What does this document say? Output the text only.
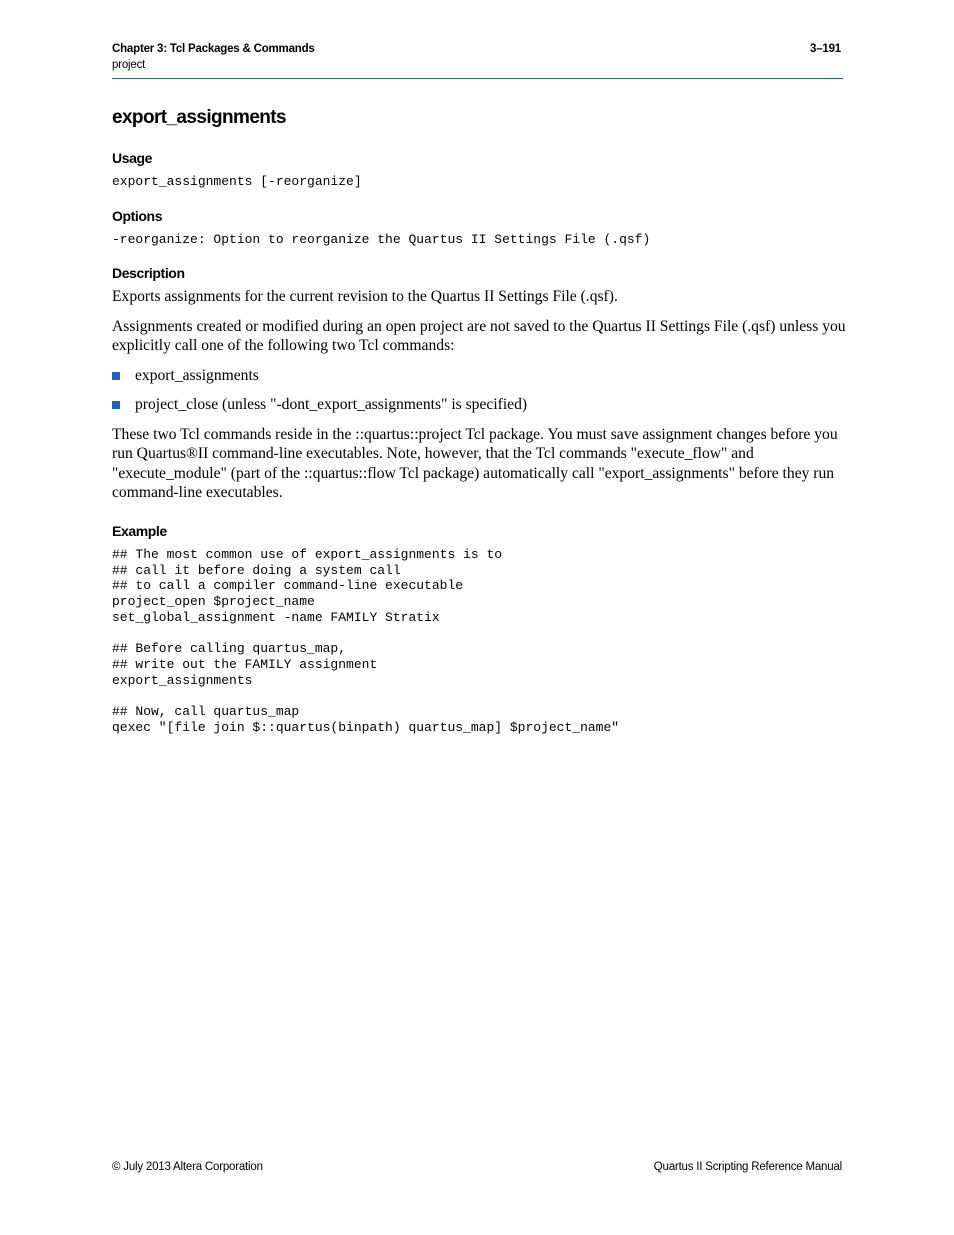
Chapter 3: Tcl Packages & Commands
project
3–191
export_assignments
Usage
export_assignments [-reorganize]
Options
-reorganize: Option to reorganize the Quartus II Settings File (.qsf)
Description

Exports assignments for the current revision to the Quartus II Settings File (.qsf).

Assignments created or modified during an open project are not saved to the Quartus II Settings File (.qsf) unless you explicitly call one of the following two Tcl commands:

export_assignments
project_close (unless "-dont_export_assignments" is specified)

These two Tcl commands reside in the ::quartus::project Tcl package. You must save assignment changes before you run Quartus®II command-line executables. Note, however, that the Tcl commands "execute_flow" and "execute_module" (part of the ::quartus::flow Tcl package) automatically call "export_assignments" before they run command-line executables.

Example
## The most common use of export_assignments is to
## call it before doing a system call
## to call a compiler command-line executable
project_open $project_name
set_global_assignment -name FAMILY Stratix

## Before calling quartus_map,
## write out the FAMILY assignment
export_assignments

## Now, call quartus_map
qexec "[file join $::quartus(binpath) quartus_map] $project_name"
© July 2013 Altera Corporation	Quartus II Scripting Reference Manual
